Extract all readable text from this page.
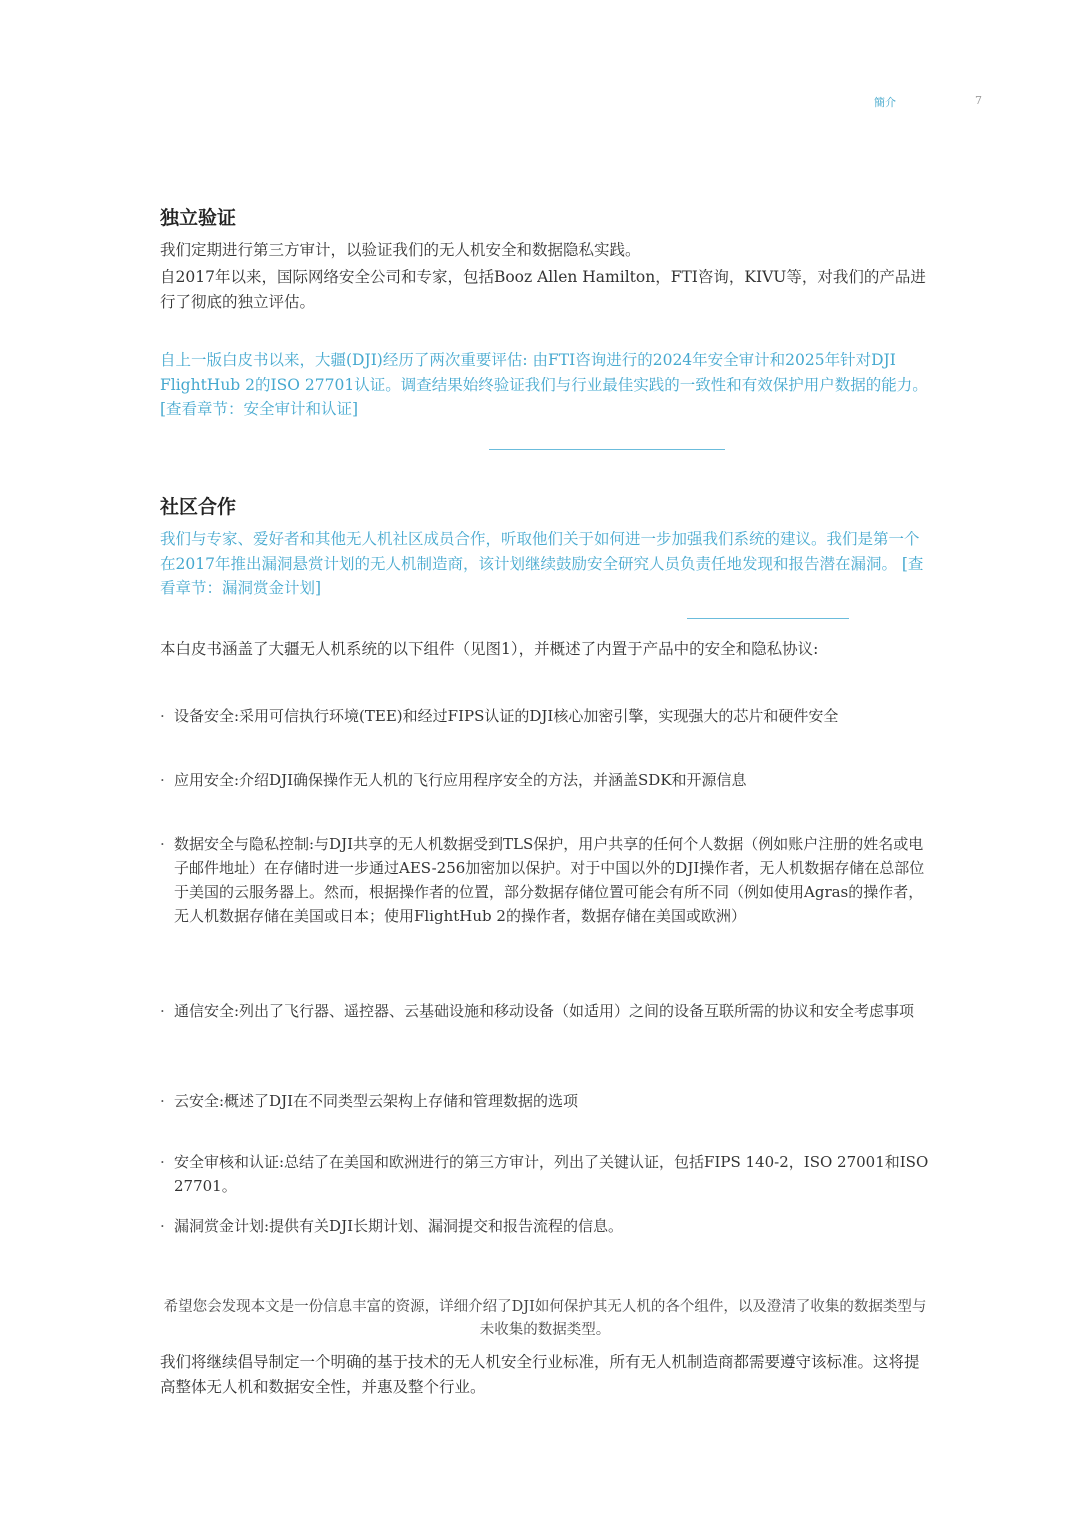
簡介	7
独立验证

我们定期进行第三方审计，以验证我们的无人机安全和数据隐私实践。

自2017年以来，国际网络安全公司和专家，包括Booz Allen Hamilton，FTI咨询，KIVU等，对我们的产品进行了彻底的独立评估。

自上一版白皮书以来，大疆(DJI)经历了两次重要评估: 由FTI咨询进行的2024年安全审计和2025年针对DJI FlightHub 2的ISO 27701认证。调查结果始终验证我们与行业最佳实践的一致性和有效保护用户数据的能力。 [查看章节：安全审计和认证]

社区合作

我们与专家、爱好者和其他无人机社区成员合作，听取他们关于如何进一步加强我们系统的建议。我们是第一个在2017年推出漏洞悬赏计划的无人机制造商，该计划继续鼓励安全研究人员负责任地发现和报告潜在漏洞。 [查看章节：漏洞赏金计划]

本白皮书涵盖了大疆无人机系统的以下组件（见图1），并概述了内置于产品中的安全和隐私协议:

· 设备安全:采用可信执行环境(TEE)和经过FIPS认证的DJI核心加密引擎，实现强大的芯片和硬件安全
· 应用安全:介绍DJI确保操作无人机的飞行应用程序安全的方法，并涵盖SDK和开源信息
· 数据安全与隐私控制:与DJI共享的无人机数据受到TLS保护，用户共享的任何个人数据（例如账户注册的姓名或电子邮件地址）在存储时进一步通过AES-256加密加以保护。对于中国以外的DJI操作者，无人机数据存储在总部位于美国的云服务器上。然而，根据操作者的位置，部分数据存储位置可能会有所不同（例如使用Agras的操作者，无人机数据存储在美国或日本；使用FlightHub 2的操作者，数据存储在美国或欧洲）
· 通信安全:列出了飞行器、遥控器、云基础设施和移动设备（如适用）之间的设备互联所需的协议和安全考虑事项
· 云安全:概述了DJI在不同类型云架构上存储和管理数据的选项
· 安全审核和认证:总结了在美国和欧洲进行的第三方审计，列出了关键认证，包括FIPS 140-2，ISO 27001和ISO 27701。
· 漏洞赏金计划:提供有关DJI长期计划、漏洞提交和报告流程的信息。

希望您会发现本文是一份信息丰富的资源，详细介绍了DJI如何保护其无人机的各个组件，以及澄清了收集的数据类型与未收集的数据类型。

我们将继续倡导制定一个明确的基于技术的无人机安全行业标准，所有无人机制造商都需要遵守该标准。这将提高整体无人机和数据安全性，并惠及整个行业。
